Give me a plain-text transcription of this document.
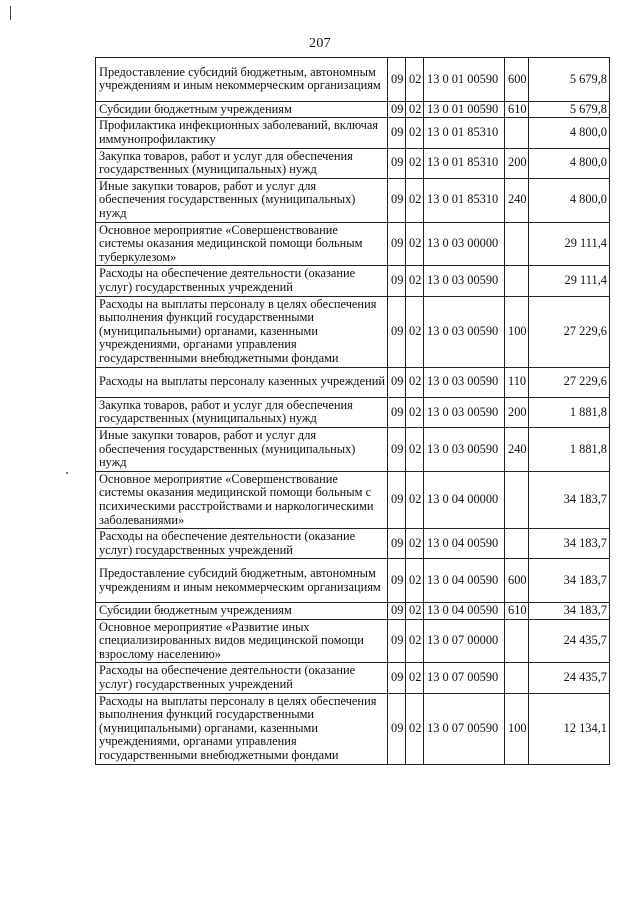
207
Предоставление субсидий бюджетным, автономным учреждениям и иным некоммерческим организациям	09	02	13 0 01 00590	600	5 679,8
Субсидии бюджетным учреждениям	09	02	13 0 01 00590	610	5 679,8
Профилактика инфекционных заболеваний, включая иммунопрофилактику	09	02	13 0 01 85310		4 800,0
Закупка товаров, работ и услуг для обеспечения государственных (муниципальных) нужд	09	02	13 0 01 85310	200	4 800,0
Иные закупки товаров, работ и услуг для обеспечения государственных (муниципальных) нужд	09	02	13 0 01 85310	240	4 800,0
Основное мероприятие «Совершенствование системы оказания медицинской помощи больным туберкулезом»	09	02	13 0 03 00000		29 111,4
Расходы на обеспечение деятельности (оказание услуг) государственных учреждений	09	02	13 0 03 00590		29 111,4
Расходы на выплаты персоналу в целях обеспечения выполнения функций государственными (муниципальными) органами, казенными учреждениями, органами управления государственными внебюджетными фондами	09	02	13 0 03 00590	100	27 229,6
Расходы на выплаты персоналу казенных учреждений	09	02	13 0 03 00590	110	27 229,6
Закупка товаров, работ и услуг для обеспечения государственных (муниципальных) нужд	09	02	13 0 03 00590	200	1 881,8
Иные закупки товаров, работ и услуг для обеспечения государственных (муниципальных) нужд	09	02	13 0 03 00590	240	1 881,8
Основное мероприятие «Совершенствование системы оказания медицинской помощи больным с психическими расстройствами и наркологическими заболеваниями»	09	02	13 0 04 00000		34 183,7
Расходы на обеспечение деятельности (оказание услуг) государственных учреждений	09	02	13 0 04 00590		34 183,7
Предоставление субсидий бюджетным, автономным учреждениям и иным некоммерческим организациям	09	02	13 0 04 00590	600	34 183,7
Субсидии бюджетным учреждениям	09	02	13 0 04 00590	610	34 183,7
Основное мероприятие «Развитие иных специализированных видов медицинской помощи взрослому населению»	09	02	13 0 07 00000		24 435,7
Расходы на обеспечение деятельности (оказание услуг) государственных учреждений	09	02	13 0 07 00590		24 435,7
Расходы на выплаты персоналу в целях обеспечения выполнения функций государственными (муниципальными) органами, казенными учреждениями, органами управления государственными внебюджетными фондами	09	02	13 0 07 00590	100	12 134,1
